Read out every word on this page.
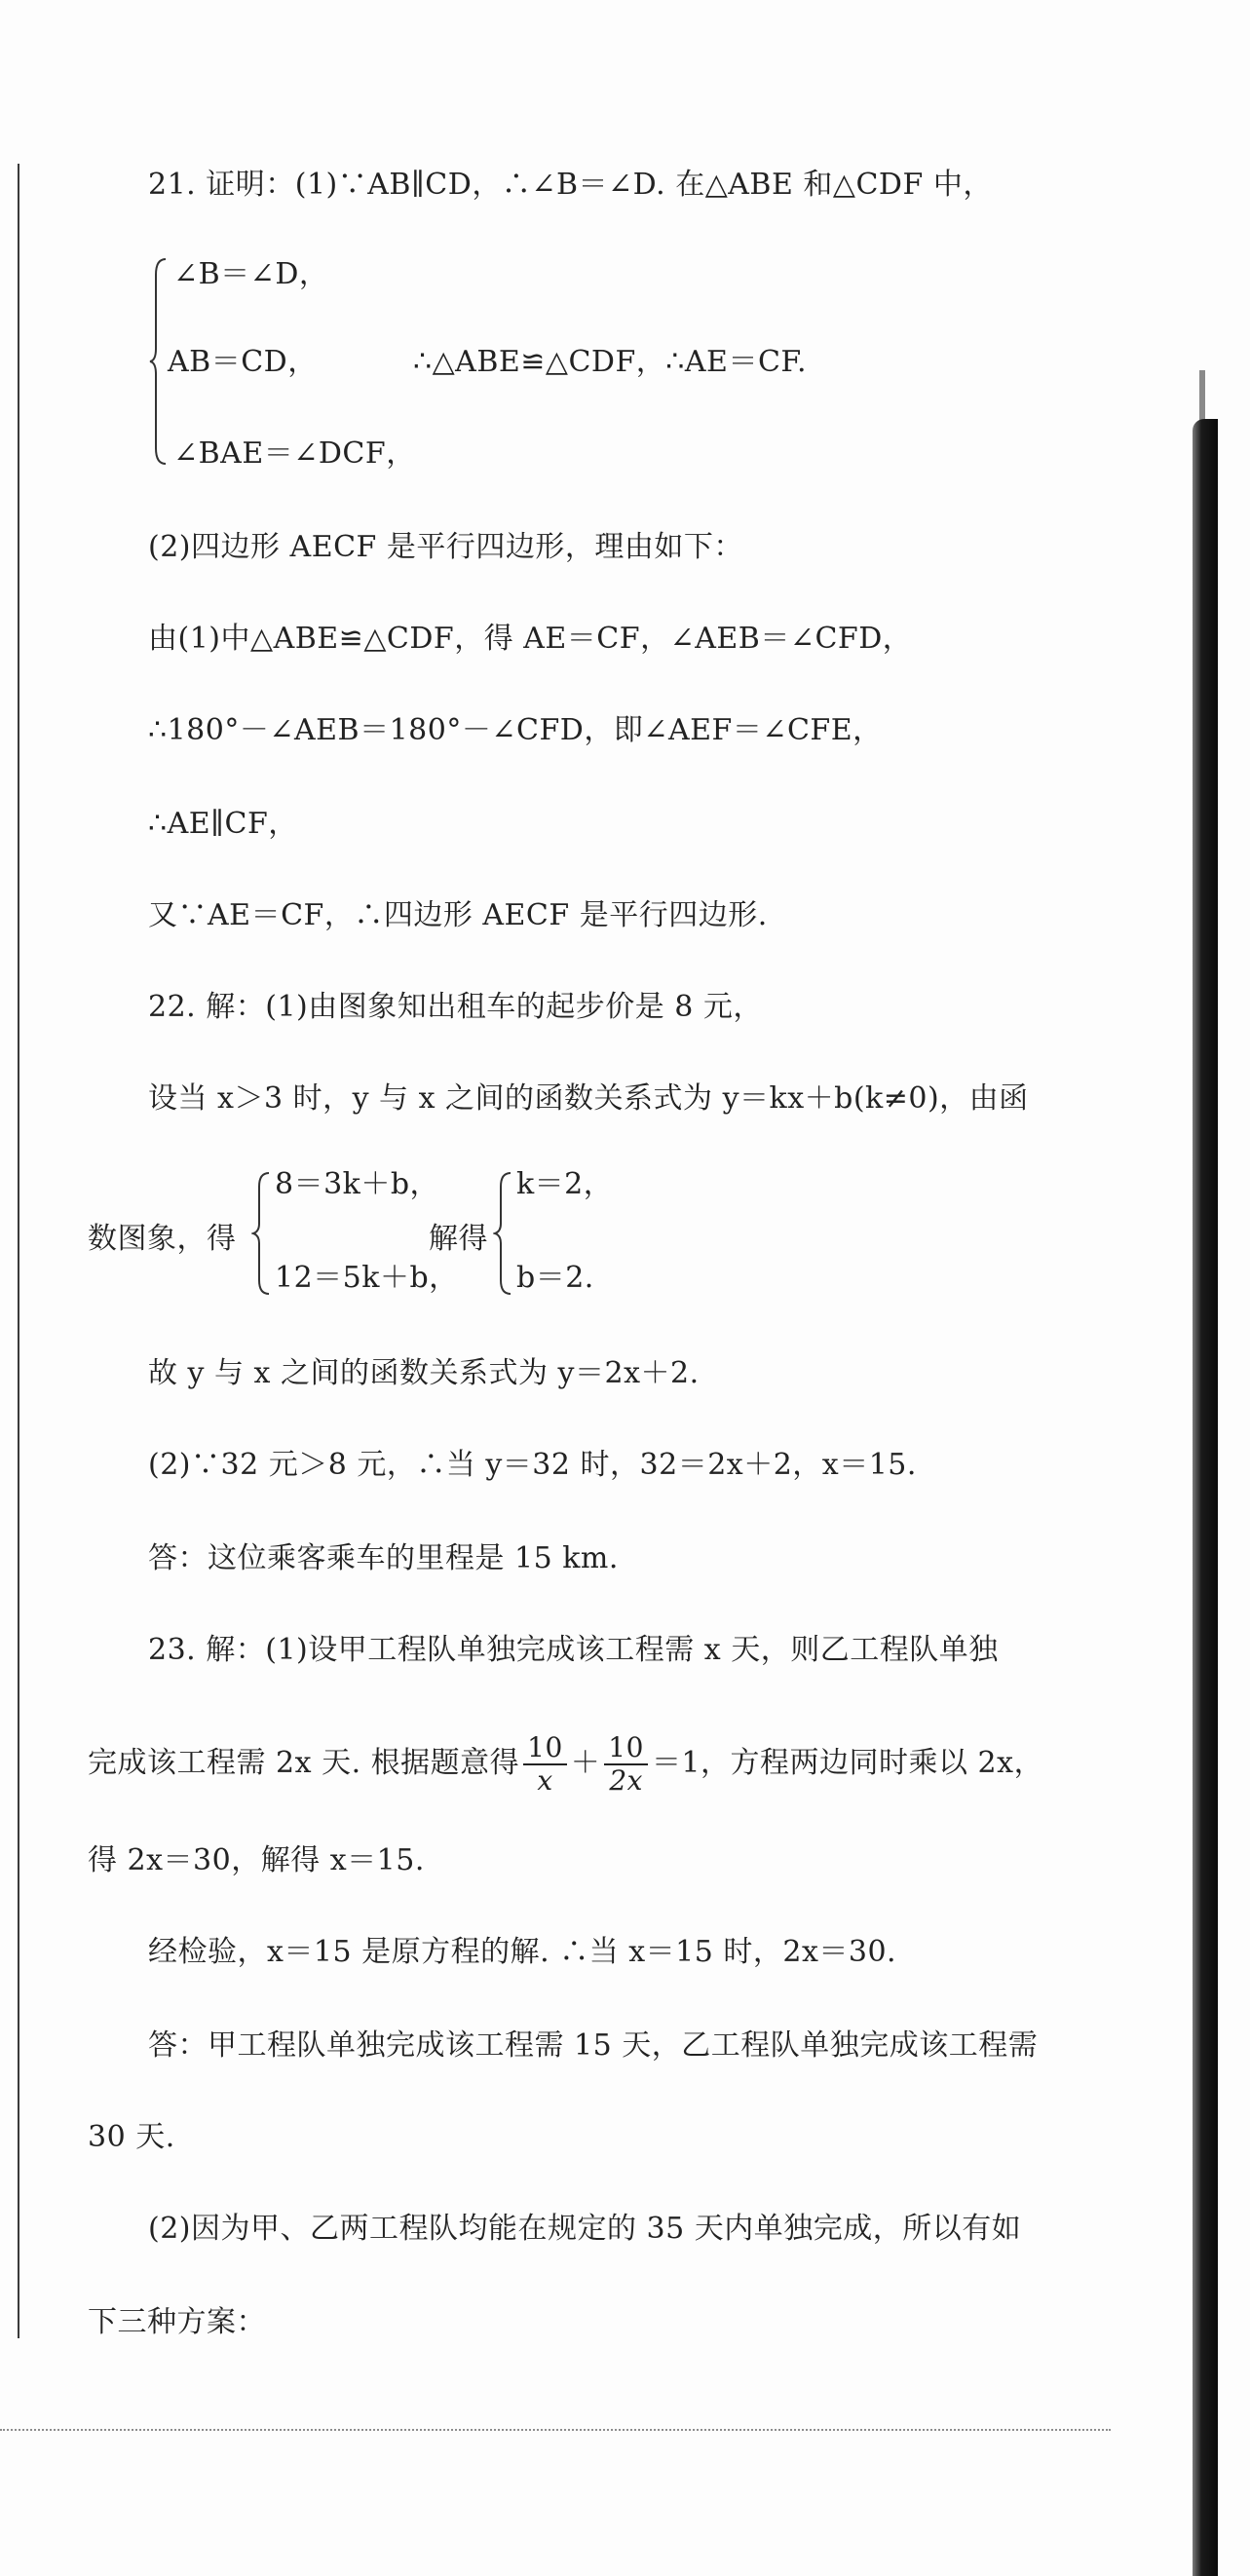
21. 证明：(1)∵AB∥CD，∴∠B＝∠D. 在△ABE 和△CDF 中，
∠B＝∠D，
AB＝CD，	∴△ABE≌△CDF，∴AE＝CF.
∠BAE＝∠DCF，
(2)四边形 AECF 是平行四边形，理由如下：
由(1)中△ABE≌△CDF，得 AE＝CF，∠AEB＝∠CFD，
∴180°－∠AEB＝180°－∠CFD，即∠AEF＝∠CFE，
∴AE∥CF，
又∵AE＝CF，∴四边形 AECF 是平行四边形.
22. 解：(1)由图象知出租车的起步价是 8 元，
设当 x＞3 时，y 与 x 之间的函数关系式为 y＝kx＋b(k≠0)，由函
数图象，得
8＝3k＋b，
12＝5k＋b，
解得
k＝2，
b＝2.
故 y 与 x 之间的函数关系式为 y＝2x＋2.
(2)∵32 元＞8 元，∴当 y＝32 时，32＝2x＋2，x＝15.
答：这位乘客乘车的里程是 15 km.
23. 解：(1)设甲工程队单独完成该工程需 x 天，则乙工程队单独
完成该工程需 2x 天. 根据题意得 $\frac{10}{x} + \frac{10}{2x} =1$，方程两边同时乘以 2x，
得 2x＝30，解得 x＝15.
经检验，x＝15 是原方程的解. ∴当 x＝15 时，2x＝30.
答：甲工程队单独完成该工程需 15 天，乙工程队单独完成该工程需
30 天.
(2)因为甲、乙两工程队均能在规定的 35 天内单独完成，所以有如
下三种方案：
